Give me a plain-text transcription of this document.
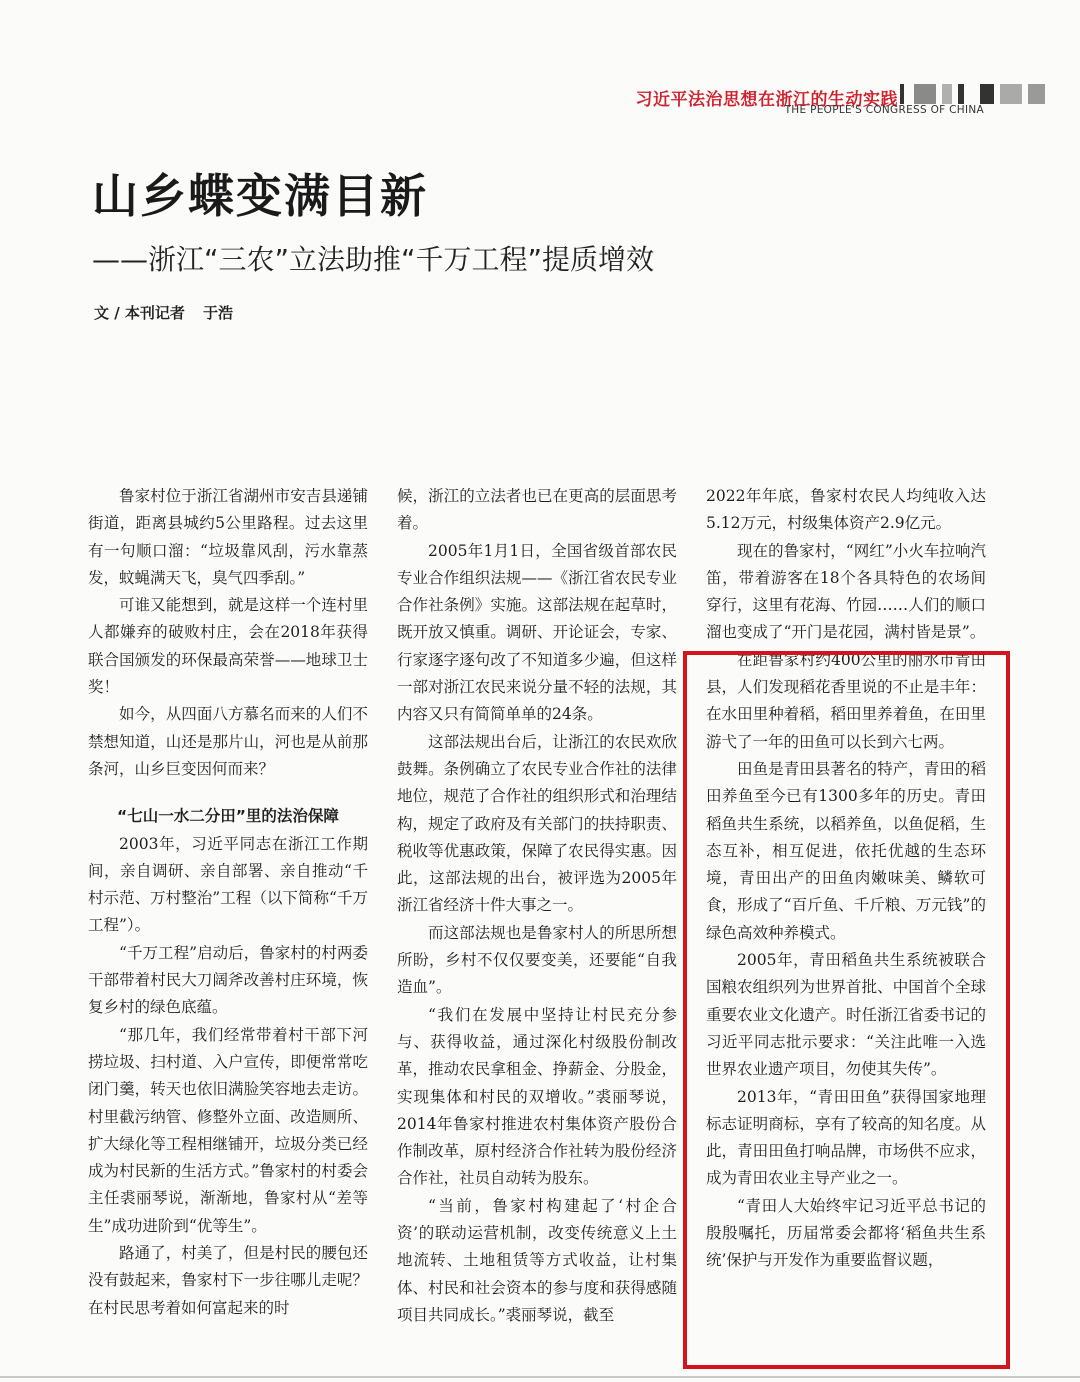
习近平法治思想在浙江的生动实践
THE PEOPLE'S CONGRESS OF CHINA
山乡蝶变满目新
——浙江“三农”立法助推“千万工程”提质增效
文 / 本刊记者 于浩

鲁家村位于浙江省湖州市安吉县递铺街道，距离县城约5公里路程。过去这里有一句顺口溜：“垃圾靠风刮，污水靠蒸发，蚊蝇满天飞，臭气四季刮。”

可谁又能想到，就是这样一个连村里人都嫌弃的破败村庄，会在2018年获得联合国颁发的环保最高荣誉——地球卫士奖！

如今，从四面八方慕名而来的人们不禁想知道，山还是那片山，河也是从前那条河，山乡巨变因何而来？

“七山一水二分田”里的法治保障

2003年，习近平同志在浙江工作期间，亲自调研、亲自部署、亲自推动“千村示范、万村整治”工程（以下简称“千万工程”）。

“千万工程”启动后，鲁家村的村两委干部带着村民大刀阔斧改善村庄环境，恢复乡村的绿色底蕴。

“那几年，我们经常带着村干部下河捞垃圾、扫村道、入户宣传，即便常常吃闭门羹，转天也依旧满脸笑容地去走访。村里截污纳管、修整外立面、改造厕所、扩大绿化等工程相继铺开，垃圾分类已经成为村民新的生活方式。”鲁家村的村委会主任裘丽琴说，渐渐地，鲁家村从“差等生”成功进阶到“优等生”。

路通了，村美了，但是村民的腰包还没有鼓起来，鲁家村下一步往哪儿走呢？在村民思考着如何富起来的时

候，浙江的立法者也已在更高的层面思考着。

2005年1月1日，全国省级首部农民专业合作组织法规——《浙江省农民专业合作社条例》实施。这部法规在起草时，既开放又慎重。调研、开论证会，专家、行家逐字逐句改了不知道多少遍，但这样一部对浙江农民来说分量不轻的法规，其内容又只有简简单单的24条。

这部法规出台后，让浙江的农民欢欣鼓舞。条例确立了农民专业合作社的法律地位，规范了合作社的组织形式和治理结构，规定了政府及有关部门的扶持职责、税收等优惠政策，保障了农民得实惠。因此，这部法规的出台，被评选为2005年浙江省经济十件大事之一。

而这部法规也是鲁家村人的所思所想所盼，乡村不仅仅要变美，还要能“自我造血”。

“我们在发展中坚持让村民充分参与、获得收益，通过深化村级股份制改革，推动农民拿租金、挣薪金、分股金，实现集体和村民的双增收。”裘丽琴说，2014年鲁家村推进农村集体资产股份合作制改革，原村经济合作社转为股份经济合作社，社员自动转为股东。

“当前，鲁家村构建起了‘村企合资’的联动运营机制，改变传统意义上土地流转、土地租赁等方式收益，让村集体、村民和社会资本的参与度和获得感随项目共同成长。”裘丽琴说，截至

2022年年底，鲁家村农民人均纯收入达5.12万元，村级集体资产2.9亿元。

现在的鲁家村，“网红”小火车拉响汽笛，带着游客在18个各具特色的农场间穿行，这里有花海、竹园……人们的顺口溜也变成了“开门是花园，满村皆是景”。

在距鲁家村约400公里的丽水市青田县，人们发现稻花香里说的不止是丰年：在水田里种着稻，稻田里养着鱼，在田里游弋了一年的田鱼可以长到六七两。

田鱼是青田县著名的特产，青田的稻田养鱼至今已有1300多年的历史。青田稻鱼共生系统，以稻养鱼，以鱼促稻，生态互补，相互促进，依托优越的生态环境，青田出产的田鱼肉嫩味美、鳞软可食，形成了“百斤鱼、千斤粮、万元钱”的绿色高效种养模式。

2005年，青田稻鱼共生系统被联合国粮农组织列为世界首批、中国首个全球重要农业文化遗产。时任浙江省委书记的习近平同志批示要求：“关注此唯一入选世界农业遗产项目，勿使其失传”。

2013年，“青田田鱼”获得国家地理标志证明商标，享有了较高的知名度。从此，青田田鱼打响品牌，市场供不应求，成为青田农业主导产业之一。

“青田人大始终牢记习近平总书记的殷殷嘱托，历届常委会都将‘稻鱼共生系统’保护与开发作为重要监督议题，
